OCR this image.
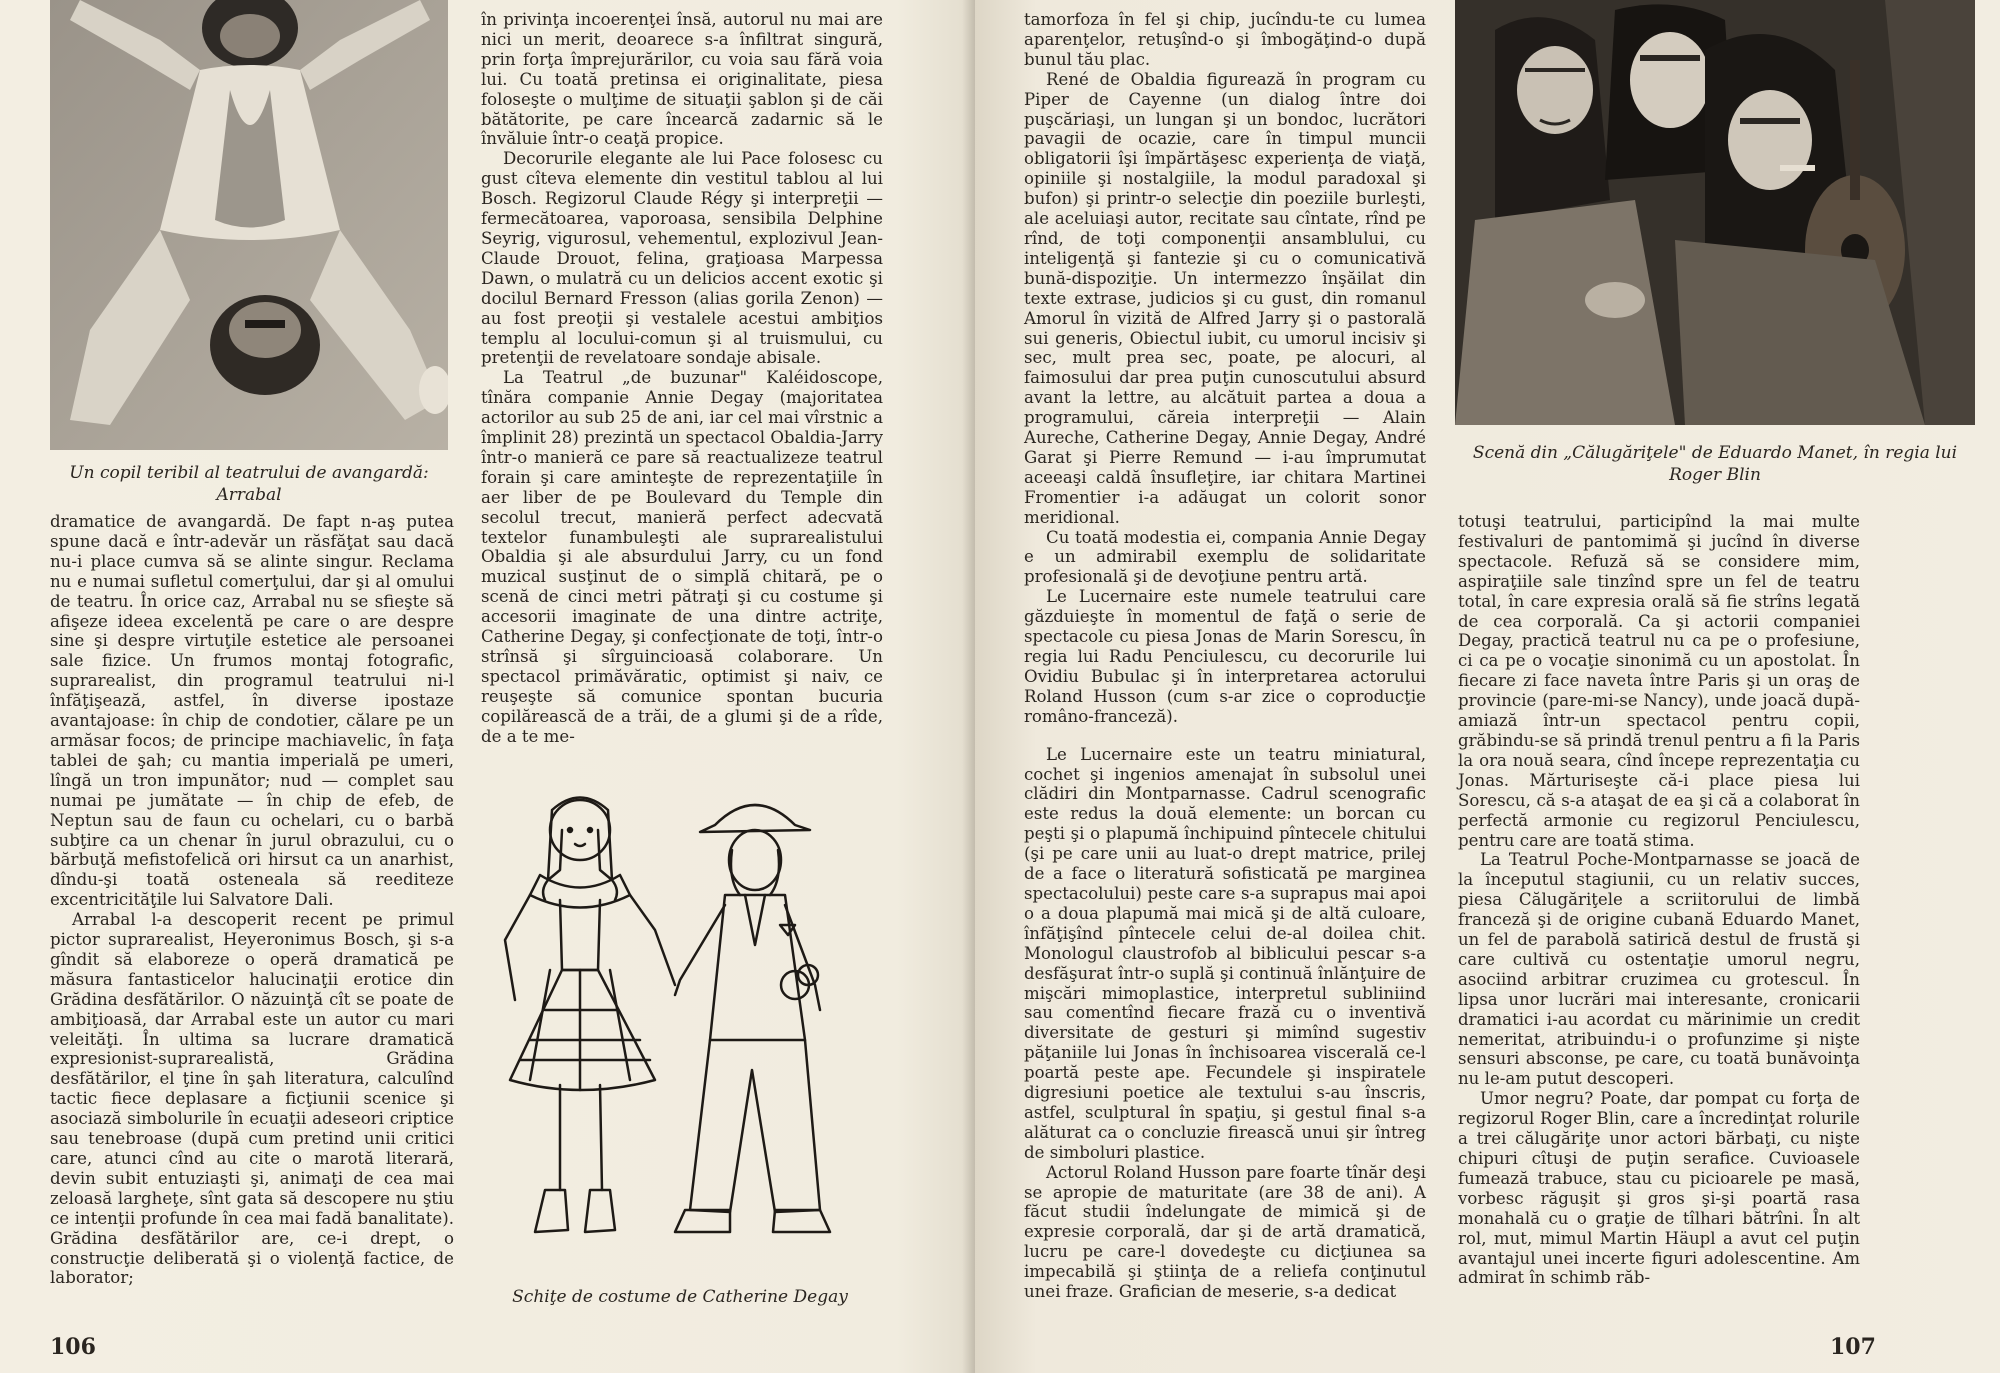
Un copil teribil al teatrului de avangardă: Arrabal

dramatice de avangardă. De fapt n-aş putea spune dacă e într-adevăr un răsfăţat sau dacă nu-i place cumva să se alinte singur. Reclama nu e numai sufletul comerţului, dar şi al omului de teatru. În orice caz, Arrabal nu se sfieşte să afişeze ideea excelentă pe care o are despre sine şi despre virtuţile estetice ale persoanei sale fizice. Un frumos montaj fotografic, suprarealist, din programul teatrului ni-l înfăţişează, astfel, în diverse ipostaze avantajoase: în chip de condotier, călare pe un armăsar focos; de principe machiavelic, în faţa tablei de şah; cu mantia imperială pe umeri, lîngă un tron impunător; nud — complet sau numai pe jumătate — în chip de efeb, de Neptun sau de faun cu ochelari, cu o barbă subţire ca un chenar în jurul obrazului, cu o bărbuţă mefistofelică ori hirsut ca un anarhist, dîndu-şi toată osteneala să reediteze excentricităţile lui Salvatore Dali.

Arrabal l-a descoperit recent pe primul pictor suprarealist, Heyeronimus Bosch, şi s-a gîndit să elaboreze o operă dramatică pe măsura fantasticelor halucinaţii erotice din Grădina desfătărilor. O năzuinţă cît se poate de ambiţioasă, dar Arrabal este un autor cu mari veleităţi. În ultima sa lucrare dramatică expresionist-suprarealistă, Grădina desfătărilor, el ţine în şah literatura, calculînd tactic fiece deplasare a ficţiunii scenice şi asociază simbolurile în ecuaţii adeseori criptice sau tenebroase (după cum pretind unii critici care, atunci cînd au cite o marotă literară, devin subit entuziaşti şi, animaţi de cea mai zeloasă largheţe, sînt gata să descopere nu ştiu ce intenţii profunde în cea mai fadă banalitate). Grădina desfătărilor are, ce-i drept, o construcţie deliberată şi o violenţă factice, de laborator;

în privinţa incoerenţei însă, autorul nu mai are nici un merit, deoarece s-a înfiltrat singură, prin forţa împrejurărilor, cu voia sau fără voia lui. Cu toată pretinsa ei originalitate, piesa foloseşte o mulţime de situaţii şablon şi de căi bătătorite, pe care încearcă zadarnic să le învăluie într-o ceaţă propice.

Decorurile elegante ale lui Pace folosesc cu gust cîteva elemente din vestitul tablou al lui Bosch. Regizorul Claude Régy şi interpreţii — fermecătoarea, vaporoasa, sensibila Delphine Seyrig, vigurosul, vehementul, explozivul Jean-Claude Drouot, felina, graţioasa Marpessa Dawn, o mulatră cu un delicios accent exotic şi docilul Bernard Fresson (alias gorila Zenon) — au fost preoţii şi vestalele acestui ambiţios templu al locului-comun şi al truismului, cu pretenţii de revelatoare sondaje abisale.

La Teatrul „de buzunar" Kaléidoscope, tînăra companie Annie Degay (majoritatea actorilor au sub 25 de ani, iar cel mai vîrstnic a împlinit 28) prezintă un spectacol Obaldia-Jarry într-o manieră ce pare să reactualizeze teatrul forain şi care aminteşte de reprezentaţiile în aer liber de pe Boulevard du Temple din secolul trecut, manieră perfect adecvată textelor funambuleşti ale suprarealistului Obaldia şi ale absurdului Jarry, cu un fond muzical susţinut de o simplă chitară, pe o scenă de cinci metri pătraţi şi cu costume şi accesorii imaginate de una dintre actriţe, Catherine Degay, şi confecţionate de toţi, într-o strînsă şi sîrguincioasă colaborare. Un spectacol primăvăratic, optimist şi naiv, ce reuşeşte să comunice spontan bucuria copilărească de a trăi, de a glumi şi de a rîde, de a te me-

Schiţe de costume de Catherine Degay
106

tamorfoza în fel şi chip, jucîndu-te cu lumea aparenţelor, retuşînd-o şi îmbogăţind-o după bunul tău plac.

René de Obaldia figurează în program cu Piper de Cayenne (un dialog între doi puşcăriaşi, un lungan şi un bondoc, lucrători pavagii de ocazie, care în timpul muncii obligatorii îşi împărtăşesc experienţa de viaţă, opiniile şi nostalgiile, la modul paradoxal şi bufon) şi printr-o selecţie din poeziile burleşti, ale aceluiaşi autor, recitate sau cîntate, rînd pe rînd, de toţi componenţii ansamblului, cu inteligenţă şi fantezie şi cu o comunicativă bună-dispoziţie. Un intermezzo înşăilat din texte extrase, judicios şi cu gust, din romanul Amorul în vizită de Alfred Jarry şi o pastorală sui generis, Obiectul iubit, cu umorul incisiv şi sec, mult prea sec, poate, pe alocuri, al faimosului dar prea puţin cunoscutului absurd avant la lettre, au alcătuit partea a doua a programului, căreia interpreţii — Alain Aureche, Catherine Degay, Annie Degay, André Garat şi Pierre Remund — i-au împrumutat aceeaşi caldă însufleţire, iar chitara Martinei Fromentier i-a adăugat un colorit sonor meridional.

Cu toată modestia ei, compania Annie Degay e un admirabil exemplu de solidaritate profesională şi de devoţiune pentru artă.

Le Lucernaire este numele teatrului care găzduieşte în momentul de faţă o serie de spectacole cu piesa Jonas de Marin Sorescu, în regia lui Radu Penciulescu, cu decorurile lui Ovidiu Bubulac şi în interpretarea actorului Roland Husson (cum s-ar zice o coproducţie româno-franceză).

Le Lucernaire este un teatru miniatural, cochet şi ingenios amenajat în subsolul unei clădiri din Montparnasse. Cadrul scenografic este redus la două elemente: un borcan cu peşti şi o plapumă închipuind pîntecele chitului (şi pe care unii au luat-o drept matrice, prilej de a face o literatură sofisticată pe marginea spectacolului) peste care s-a suprapus mai apoi o a doua plapumă mai mică şi de altă culoare, înfăţişînd pîntecele celui de-al doilea chit. Monologul claustrofob al biblicului pescar s-a desfăşurat într-o suplă şi continuă înlănţuire de mişcări mimoplastice, interpretul subliniind sau comentînd fiecare frază cu o inventivă diversitate de gesturi şi mimînd sugestiv păţaniile lui Jonas în închisoarea viscerală ce-l poartă peste ape. Fecundele şi inspiratele digresiuni poetice ale textului s-au înscris, astfel, sculptural în spaţiu, şi gestul final s-a alăturat ca o concluzie firească unui şir întreg de simboluri plastice.

Actorul Roland Husson pare foarte tînăr deşi se apropie de maturitate (are 38 de ani). A făcut studii îndelungate de mimică şi de expresie corporală, dar şi de artă dramatică, lucru pe care-l dovedeşte cu dicţiunea sa impecabilă şi ştiinţa de a reliefa conţinutul unei fraze. Grafician de meserie, s-a dedicat

Scenă din „Călugăriţele" de Eduardo Manet, în regia lui Roger Blin

totuşi teatrului, participînd la mai multe festivaluri de pantomimă şi jucînd în diverse spectacole. Refuză să se considere mim, aspiraţiile sale tinzînd spre un fel de teatru total, în care expresia orală să fie strîns legată de cea corporală. Ca şi actorii companiei Degay, practică teatrul nu ca pe o profesiune, ci ca pe o vocaţie sinonimă cu un apostolat. În fiecare zi face naveta între Paris şi un oraş de provincie (pare-mi-se Nancy), unde joacă după-amiază într-un spectacol pentru copii, grăbindu-se să prindă trenul pentru a fi la Paris la ora nouă seara, cînd începe reprezentaţia cu Jonas. Mărturiseşte că-i place piesa lui Sorescu, că s-a ataşat de ea şi că a colaborat în perfectă armonie cu regizorul Penciulescu, pentru care are toată stima.

La Teatrul Poche-Montparnasse se joacă de la începutul stagiunii, cu un relativ succes, piesa Călugăriţele a scriitorului de limbă franceză şi de origine cubană Eduardo Manet, un fel de parabolă satirică destul de frustă şi care cultivă cu ostentaţie umorul negru, asociind arbitrar cruzimea cu grotescul. În lipsa unor lucrări mai interesante, cronicarii dramatici i-au acordat cu mărinimie un credit nemeritat, atribuindu-i o profunzime şi nişte sensuri absconse, pe care, cu toată bunăvoinţa nu le-am putut descoperi.

Umor negru? Poate, dar pompat cu forţa de regizorul Roger Blin, care a încredinţat rolurile a trei călugăriţe unor actori bărbaţi, cu nişte chipuri cîtuşi de puţin serafice. Cuvioasele fumează trabuce, stau cu picioarele pe masă, vorbesc răguşit şi gros şi-şi poartă rasa monahală cu o graţie de tîlhari bătrîni. În alt rol, mut, mimul Martin Häupl a avut cel puţin avantajul unei incerte figuri adolescentine. Am admirat în schimb răb-

107
